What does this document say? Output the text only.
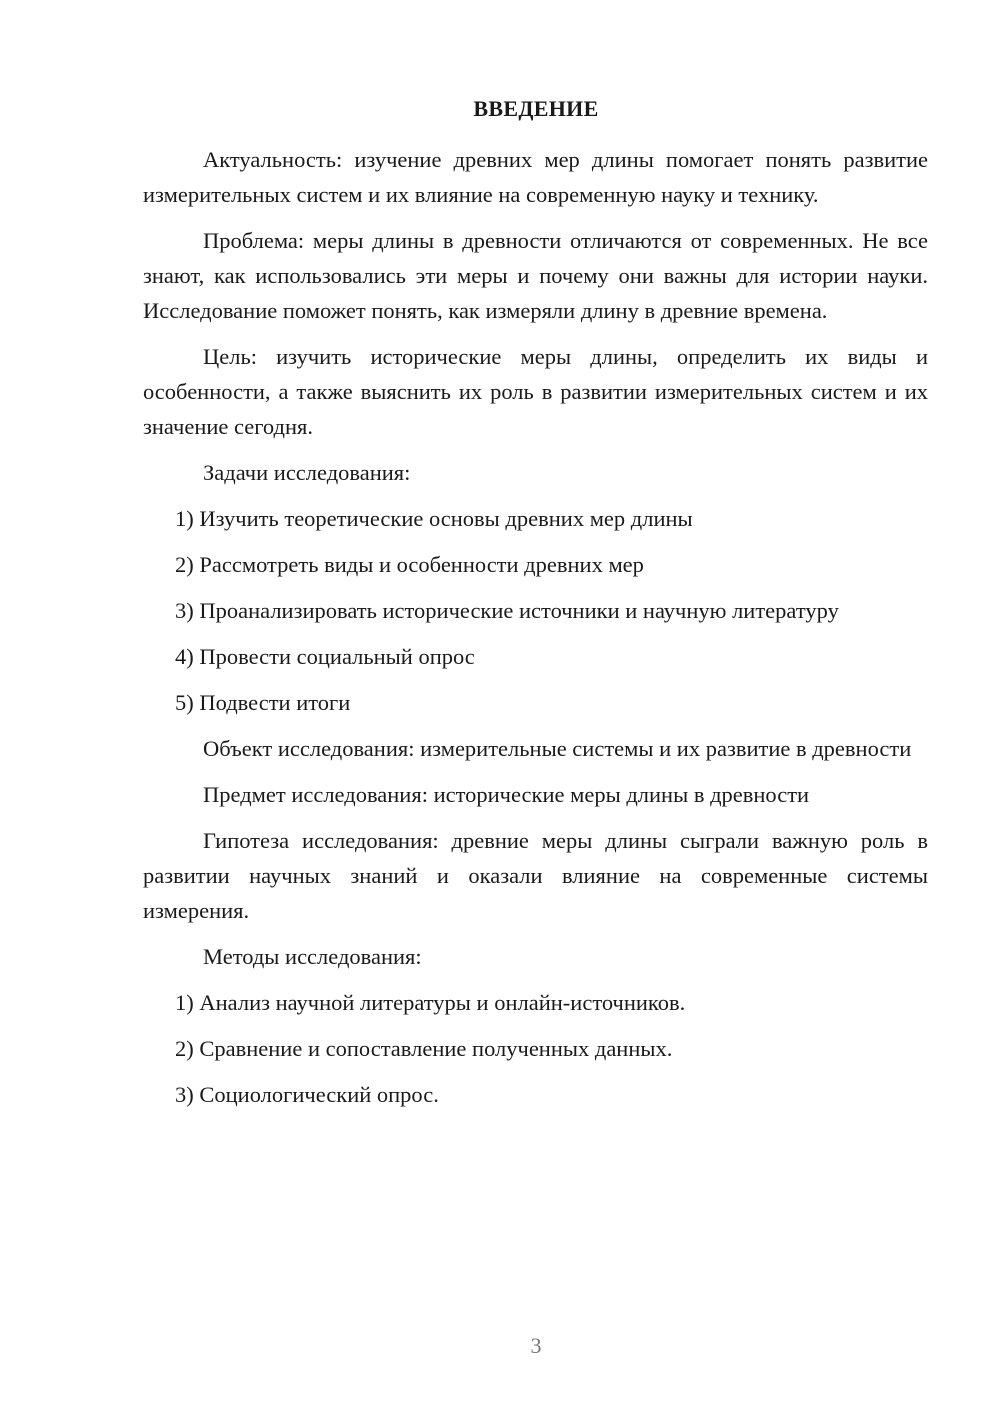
ВВЕДЕНИЕ

Актуальность: изучение древних мер длины помогает понять развитие измерительных систем и их влияние на современную науку и технику.

Проблема: меры длины в древности отличаются от современных. Не все знают, как использовались эти меры и почему они важны для истории науки. Исследование поможет понять, как измеряли длину в древние времена.

Цель: изучить исторические меры длины, определить их виды и особенности, а также выяснить их роль в развитии измерительных систем и их значение сегодня.

Задачи исследования:

1) Изучить теоретические основы древних мер длины

2) Рассмотреть виды и особенности древних мер

3) Проанализировать исторические источники и научную литературу

4) Провести социальный опрос

5) Подвести итоги

Объект исследования: измерительные системы и их развитие в древности

Предмет исследования: исторические меры длины в древности

Гипотеза исследования: древние меры длины сыграли важную роль в развитии научных знаний и оказали влияние на современные системы измерения.

Методы исследования:

1) Анализ научной литературы и онлайн-источников.

2) Сравнение и сопоставление полученных данных.

3) Социологический опрос.

3
